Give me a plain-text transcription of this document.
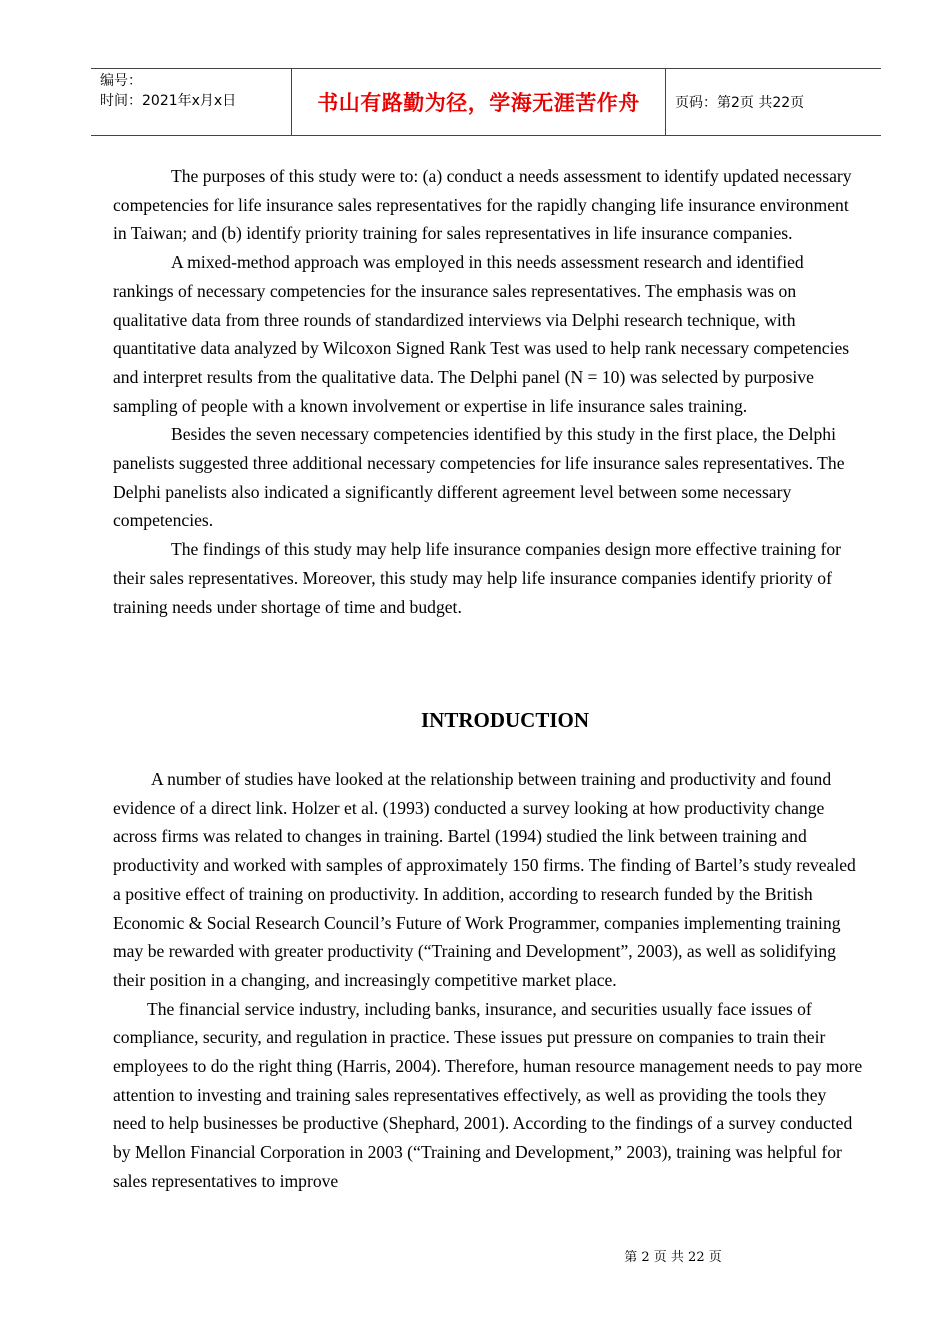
编号：
时间：2021年x月x日	书山有路勤为径，学海无涯苦作舟	页码：第2页 共22页

The purposes of this study were to: (a) conduct a needs assessment to identify updated necessary competencies for life insurance sales representatives for the rapidly changing life insurance environment in Taiwan; and (b) identify priority training for sales representatives in life insurance companies.

A mixed-method approach was employed in this needs assessment research and identified rankings of necessary competencies for the insurance sales representatives. The emphasis was on qualitative data from three rounds of standardized interviews via Delphi research technique, with quantitative data analyzed by Wilcoxon Signed Rank Test was used to help rank necessary competencies and interpret results from the qualitative data. The Delphi panel (N = 10) was selected by purposive sampling of people with a known involvement or expertise in life insurance sales training.

Besides the seven necessary competencies identified by this study in the first place, the Delphi panelists suggested three additional necessary competencies for life insurance sales representatives. The Delphi panelists also indicated a significantly different agreement level between some necessary competencies.

The findings of this study may help life insurance companies design more effective training for their sales representatives. Moreover, this study may help life insurance companies identify priority of training needs under shortage of time and budget.

INTRODUCTION

A number of studies have looked at the relationship between training and productivity and found evidence of a direct link. Holzer et al. (1993) conducted a survey looking at how productivity change across firms was related to changes in training. Bartel (1994) studied the link between training and productivity and worked with samples of approximately 150 firms. The finding of Bartel’s study revealed a positive effect of training on productivity. In addition, according to research funded by the British Economic & Social Research Council’s Future of Work Programmer, companies implementing training may be rewarded with greater productivity (“Training and Development”, 2003), as well as solidifying their position in a changing, and increasingly competitive market place.

The financial service industry, including banks, insurance, and securities usually face issues of compliance, security, and regulation in practice. These issues put pressure on companies to train their employees to do the right thing (Harris, 2004). Therefore, human resource management needs to pay more attention to investing and training sales representatives effectively, as well as providing the tools they need to help businesses be productive (Shephard, 2001). According to the findings of a survey conducted by Mellon Financial Corporation in 2003 (“Training and Development,” 2003), training was helpful for sales representatives to improve

第 2 页 共 22 页
